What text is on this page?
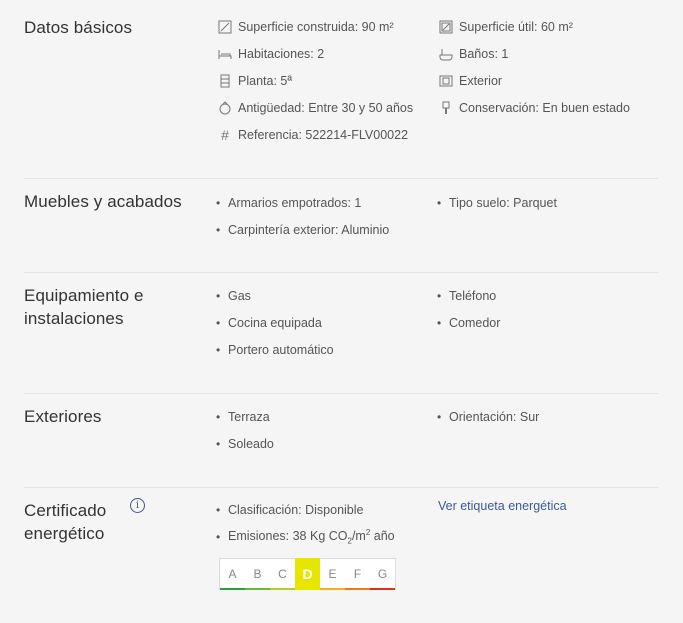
Datos básicos	Superficie construida: 90 m²
Habitaciones: 2
Planta: 5ª
Antigüedad: Entre 30 y 50 años
# Referencia: 522214-FLV00022
Superficie útil: 60 m²
Baños: 1
Exterior
Conservación: En buen estado
Muebles y acabados	• Armarios empotrados: 1
• Carpintería exterior: Aluminio
• Tipo suelo: Parquet
Equipamiento e
instalaciones
• Gas
• Cocina equipada
• Portero automático
• Teléfono
• Comedor
Exteriores	• Terraza
• Soleado
• Orientación: Sur
Certificado
energético
i	• Clasificación: Disponible
• Emisiones: 38 Kg $CO_2/m^2$ año
Ver etiqueta energética
A	B	C	D	E	F	G
